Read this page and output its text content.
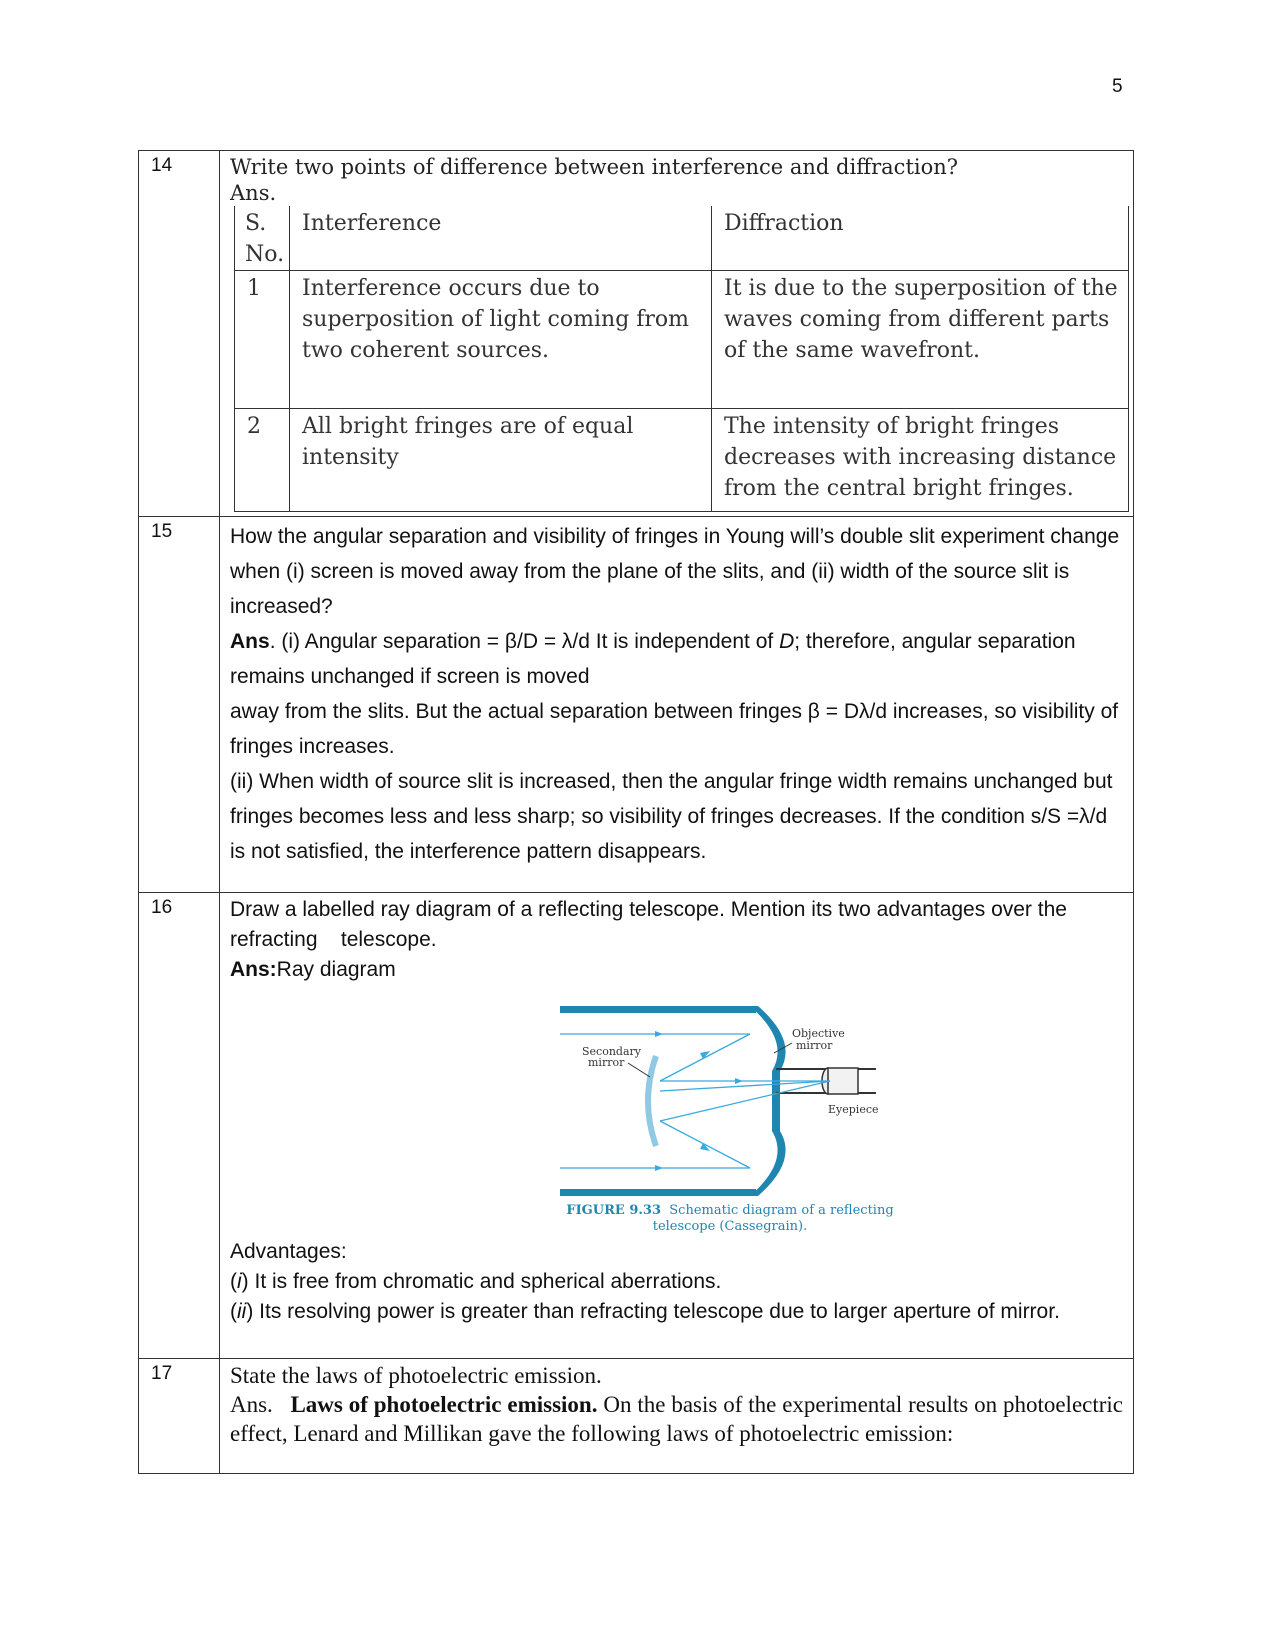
5
14	Write two points of difference between interference and diffraction?
Ans.
S. No.	Interference	Diffraction
1	Interference occurs due to superposition of light coming from two coherent sources.	It is due to the superposition of the waves coming from different parts of the same wavefront.
2	All bright fringes are of equal intensity	The intensity of bright fringes decreases with increasing distance from the central bright fringes.

15	How the angular separation and visibility of fringes in Young will’s double slit experiment change when (i) screen is moved away from the plane of the slits, and (ii) width of the source slit is increased?
Ans. (i) Angular separation = β/D = λ/d It is independent of D; therefore, angular separation remains unchanged if screen is moved
away from the slits. But the actual separation between fringes β = Dλ/d increases, so visibility of fringes increases.
(ii) When width of source slit is increased, then the angular fringe width remains unchanged but fringes becomes less and less sharp; so visibility of fringes decreases. If the condition s/S =λ/d is not satisfied, the interference pattern disappears.

16	Draw a labelled ray diagram of a reflecting telescope. Mention its two advantages over the refracting    telescope.
Ans:Ray diagram
Objective
mirror
Secondary
mirror
Eyepiece
FIGURE 9.33 Schematic diagram of a reflecting
telescope (Cassegrain).
Advantages:
(i) It is free from chromatic and spherical aberrations.
(ii) Its resolving power is greater than refracting telescope due to larger aperture of mirror.

17	State the laws of photoelectric emission.
Ans. Laws of photoelectric emission. On the basis of the experimental results on photoelectric effect, Lenard and Millikan gave the following laws of photoelectric emission:
